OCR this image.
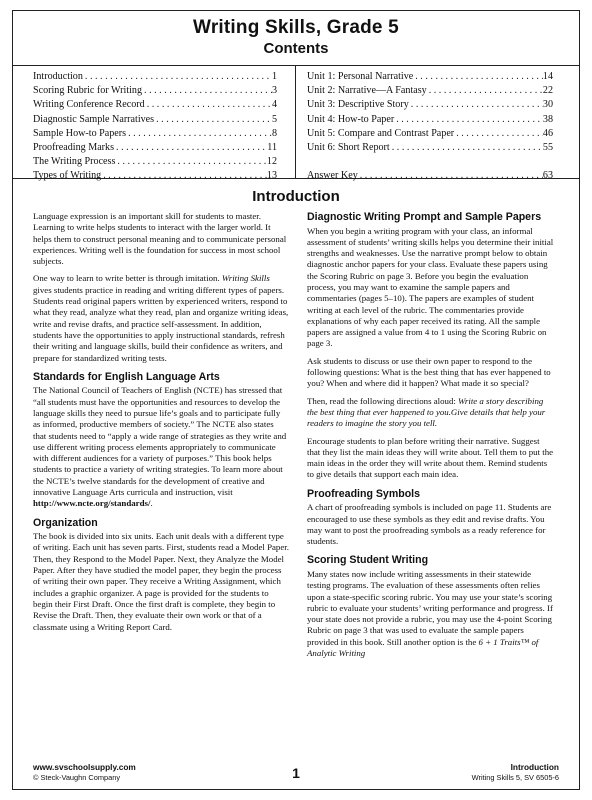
Writing Skills, Grade 5
Contents
Introduction . . .	1
Scoring Rubric for Writing . . .	3
Writing Conference Record . . .	4
Diagnostic Sample Narratives . . .	5
Sample How-to Papers . . .	8
Proofreading Marks . . .	11
The Writing Process . . .	12
Types of Writing . . .	13
Unit 1: Personal Narrative . . .	14
Unit 2: Narrative—A Fantasy . . .	22
Unit 3: Descriptive Story . . .	30
Unit 4: How-to Paper . . .	38
Unit 5: Compare and Contrast Paper . . .	46
Unit 6: Short Report . . .	55
Answer Key . . .	63
Introduction

Language expression is an important skill for students to master. Learning to write helps students to interact with the larger world. It helps them to construct personal meaning and to communicate personal experiences. Writing well is the foundation for success in most school subjects.

One way to learn to write better is through imitation. Writing Skills gives students practice in reading and writing different types of papers. Students read original papers written by experienced writers, respond to what they read, analyze what they read, plan and organize writing ideas, write and revise drafts, and practice self-assessment. In addition, students have the opportunities to apply instructional standards, refresh their writing and language skills, build their confidence as writers, and prepare for standardized writing tests.

Standards for English Language Arts

The National Council of Teachers of English (NCTE) has stressed that “all students must have the opportunities and resources to develop the language skills they need to pursue life’s goals and to participate fully as informed, productive members of society.” The NCTE also states that students need to “apply a wide range of strategies as they write and use different writing process elements appropriately to communicate with different audiences for a variety of purposes.” This book helps students to practice a variety of writing strategies. To learn more about the NCTE’s twelve standards for the development of creative and innovative Language Arts curricula and instruction, visit
http://www.ncte.org/standards/.

Organization

The book is divided into six units. Each unit deals with a different type of writing. Each unit has seven parts. First, students read a Model Paper. Then, they Respond to the Model Paper. Next, they Analyze the Model Paper. After they have studied the model paper, they begin the process of writing their own paper. They receive a Writing Assignment, which includes a graphic organizer. A page is provided for the students to begin their First Draft. Once the first draft is complete, they begin to Revise the Draft. Then, they evaluate their own work or that of a classmate using a Writing Report Card.

Diagnostic Writing Prompt and Sample Papers

When you begin a writing program with your class, an informal assessment of students’ writing skills helps you determine their initial strengths and weaknesses. Use the narrative prompt below to obtain diagnostic anchor papers for your class. Evaluate these papers using the Scoring Rubric on page 3. Before you begin the evaluation process, you may want to examine the sample papers and commentaries (pages 5–10). The papers are examples of student writing at each level of the rubric. The commentaries provide explanations of why each paper received its rating. All the sample papers are assigned a value from 4 to 1 using the Scoring Rubric on page 3.

Ask students to discuss or use their own paper to respond to the following questions: What is the best thing that has ever happened to you? When and where did it happen? What made it so special?

Then, read the following directions aloud: Write a story describing the best thing that ever happened to you.Give details that help your readers to imagine the story you tell.

Encourage students to plan before writing their narrative. Suggest that they list the main ideas they will write about. Tell them to put the main ideas in the order they will write about them. Remind students to give details that support each main idea.

Proofreading Symbols

A chart of proofreading symbols is included on page 11. Students are encouraged to use these symbols as they edit and revise drafts. You may want to post the proofreading symbols as a ready reference for students.

Scoring Student Writing

Many states now include writing assessments in their statewide testing programs. The evaluation of these assessments often relies upon a state-specific scoring rubric. You may use your state’s scoring rubric to evaluate your students’ writing performance and progress. If your state does not provide a rubric, you may use the 4-point Scoring Rubric on page 3 that was used to evaluate the sample papers provided in this book. Still another option is the 6 + 1 Traits™ of Analytic Writing

www.svschoolsupply.com
© Steck-Vaughn Company	1	Introduction
Writing Skills 5, SV 6505-6
